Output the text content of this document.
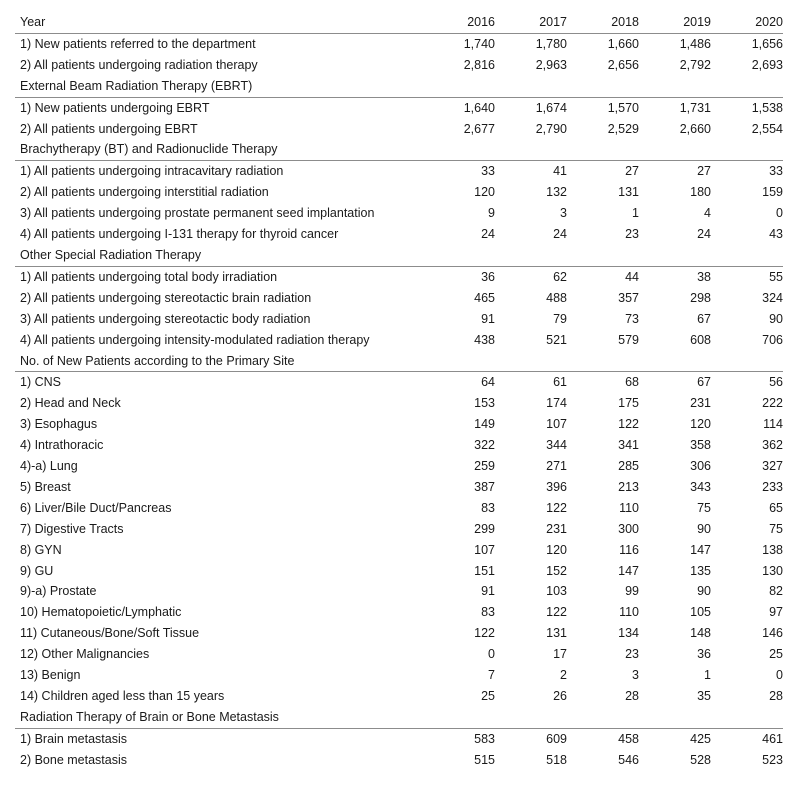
Year	2016	2017	2018	2019	2020
1) New patients referred to the department	1,740	1,780	1,660	1,486	1,656
2) All patients undergoing radiation therapy	2,816	2,963	2,656	2,792	2,693
External Beam Radiation Therapy (EBRT)					
1) New patients undergoing EBRT	1,640	1,674	1,570	1,731	1,538
2) All patients undergoing EBRT	2,677	2,790	2,529	2,660	2,554
Brachytherapy (BT) and Radionuclide Therapy					
1) All patients undergoing intracavitary radiation	33	41	27	27	33
2) All patients undergoing interstitial radiation	120	132	131	180	159
3) All patients undergoing prostate permanent seed implantation	9	3	1	4	0
4) All patients undergoing I-131 therapy for thyroid cancer	24	24	23	24	43
Other Special Radiation Therapy					
1) All patients undergoing total body irradiation	36	62	44	38	55
2) All patients undergoing stereotactic brain radiation	465	488	357	298	324
3) All patients undergoing stereotactic body radiation	91	79	73	67	90
4) All patients undergoing intensity-modulated radiation therapy	438	521	579	608	706
No. of New Patients according to the Primary Site					
1) CNS	64	61	68	67	56
2) Head and Neck	153	174	175	231	222
3) Esophagus	149	107	122	120	114
4) Intrathoracic	322	344	341	358	362
4)-a) Lung	259	271	285	306	327
5) Breast	387	396	213	343	233
6) Liver/Bile Duct/Pancreas	83	122	110	75	65
7) Digestive Tracts	299	231	300	90	75
8) GYN	107	120	116	147	138
9) GU	151	152	147	135	130
9)-a) Prostate	91	103	99	90	82
10) Hematopoietic/Lymphatic	83	122	110	105	97
11) Cutaneous/Bone/Soft Tissue	122	131	134	148	146
12) Other Malignancies	0	17	23	36	25
13) Benign	7	2	3	1	0
14) Children aged less than 15 years	25	26	28	35	28
Radiation Therapy of Brain or Bone Metastasis					
1) Brain metastasis	583	609	458	425	461
2) Bone metastasis	515	518	546	528	523
